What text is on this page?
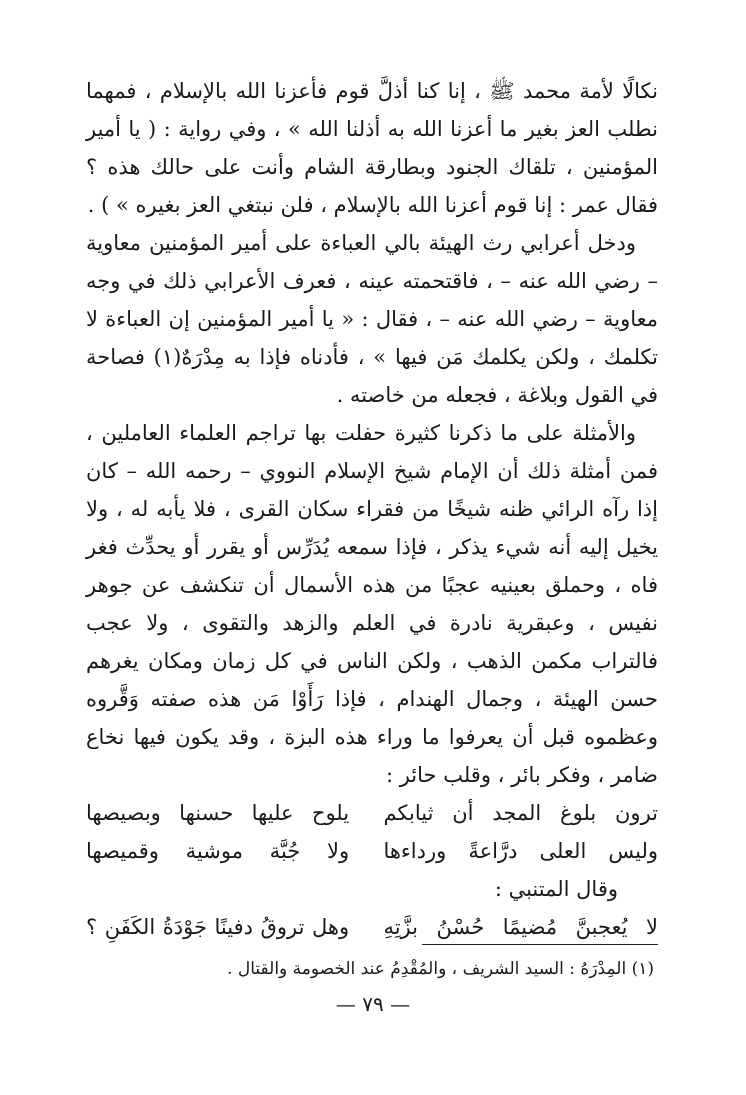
نكالًا لأمة محمد ﷺ ، إنا كنا أذلَّ قوم فأعزنا الله بالإسلام ، فمهما نطلب العز بغير ما أعزنا الله به أذلنا الله » ، وفي رواية : ( يا أمير المؤمنين ، تلقاك الجنود وبطارقة الشام وأنت على حالك هذه ؟ فقال عمر : إنا قوم أعزنا الله بالإسلام ، فلن نبتغي العز بغيره » ) .

ودخل أعرابي رث الهيئة بالي العباءة على أمير المؤمنين معاوية – رضي الله عنه – ، فاقتحمته عينه ، فعرف الأعرابي ذلك في وجه معاوية – رضي الله عنه – ، فقال : « يا أمير المؤمنين إن العباءة لا تكلمك ، ولكن يكلمك مَن فيها » ، فأدناه فإذا به مِدْرَهٌ(١) فصاحة في القول وبلاغة ، فجعله من خاصته .

والأمثلة على ما ذكرنا كثيرة حفلت بها تراجم العلماء العاملين ، فمن أمثلة ذلك أن الإمام شيخ الإسلام النووي – رحمه الله – كان إذا رآه الرائي ظنه شيخًا من فقراء سكان القرى ، فلا يأبه له ، ولا يخيل إليه أنه شيء يذكر ، فإذا سمعه يُدَرِّس أو يقرر أو يحدِّث فغر فاه ، وحملق بعينيه عجبًا من هذه الأسمال أن تنكشف عن جوهر نفيس ، وعبقرية نادرة في العلم والزهد والتقوى ، ولا عجب فالتراب مكمن الذهب ، ولكن الناس في كل زمان ومكان يغرهم حسن الهيئة ، وجمال الهندام ، فإذا رَأَوْا مَن هذه صفته وَقَّروه وعظموه قبل أن يعرفوا ما وراء هذه البزة ، وقد يكون فيها نخاع ضامر ، وفكر بائر ، وقلب حائر :

ترون بلوغ المجد أن ثيابكم
يلوح عليها حسنها وبصيصها
وليس العلى درَّاعةً ورداءها
ولا جُبَّة موشية وقميصها

وقال المتنبي :

لا يُعجبنَّ مُضيمًا حُسْنُ بزَّتِهِ
وهل تروقُ دفينًا جَوْدَةُ الكَفَنِ ؟
(١) المِدْرَهُ : السيد الشريف ، والمُقْدِمُ عند الخصومة والقتال .
— ٧٩ —
